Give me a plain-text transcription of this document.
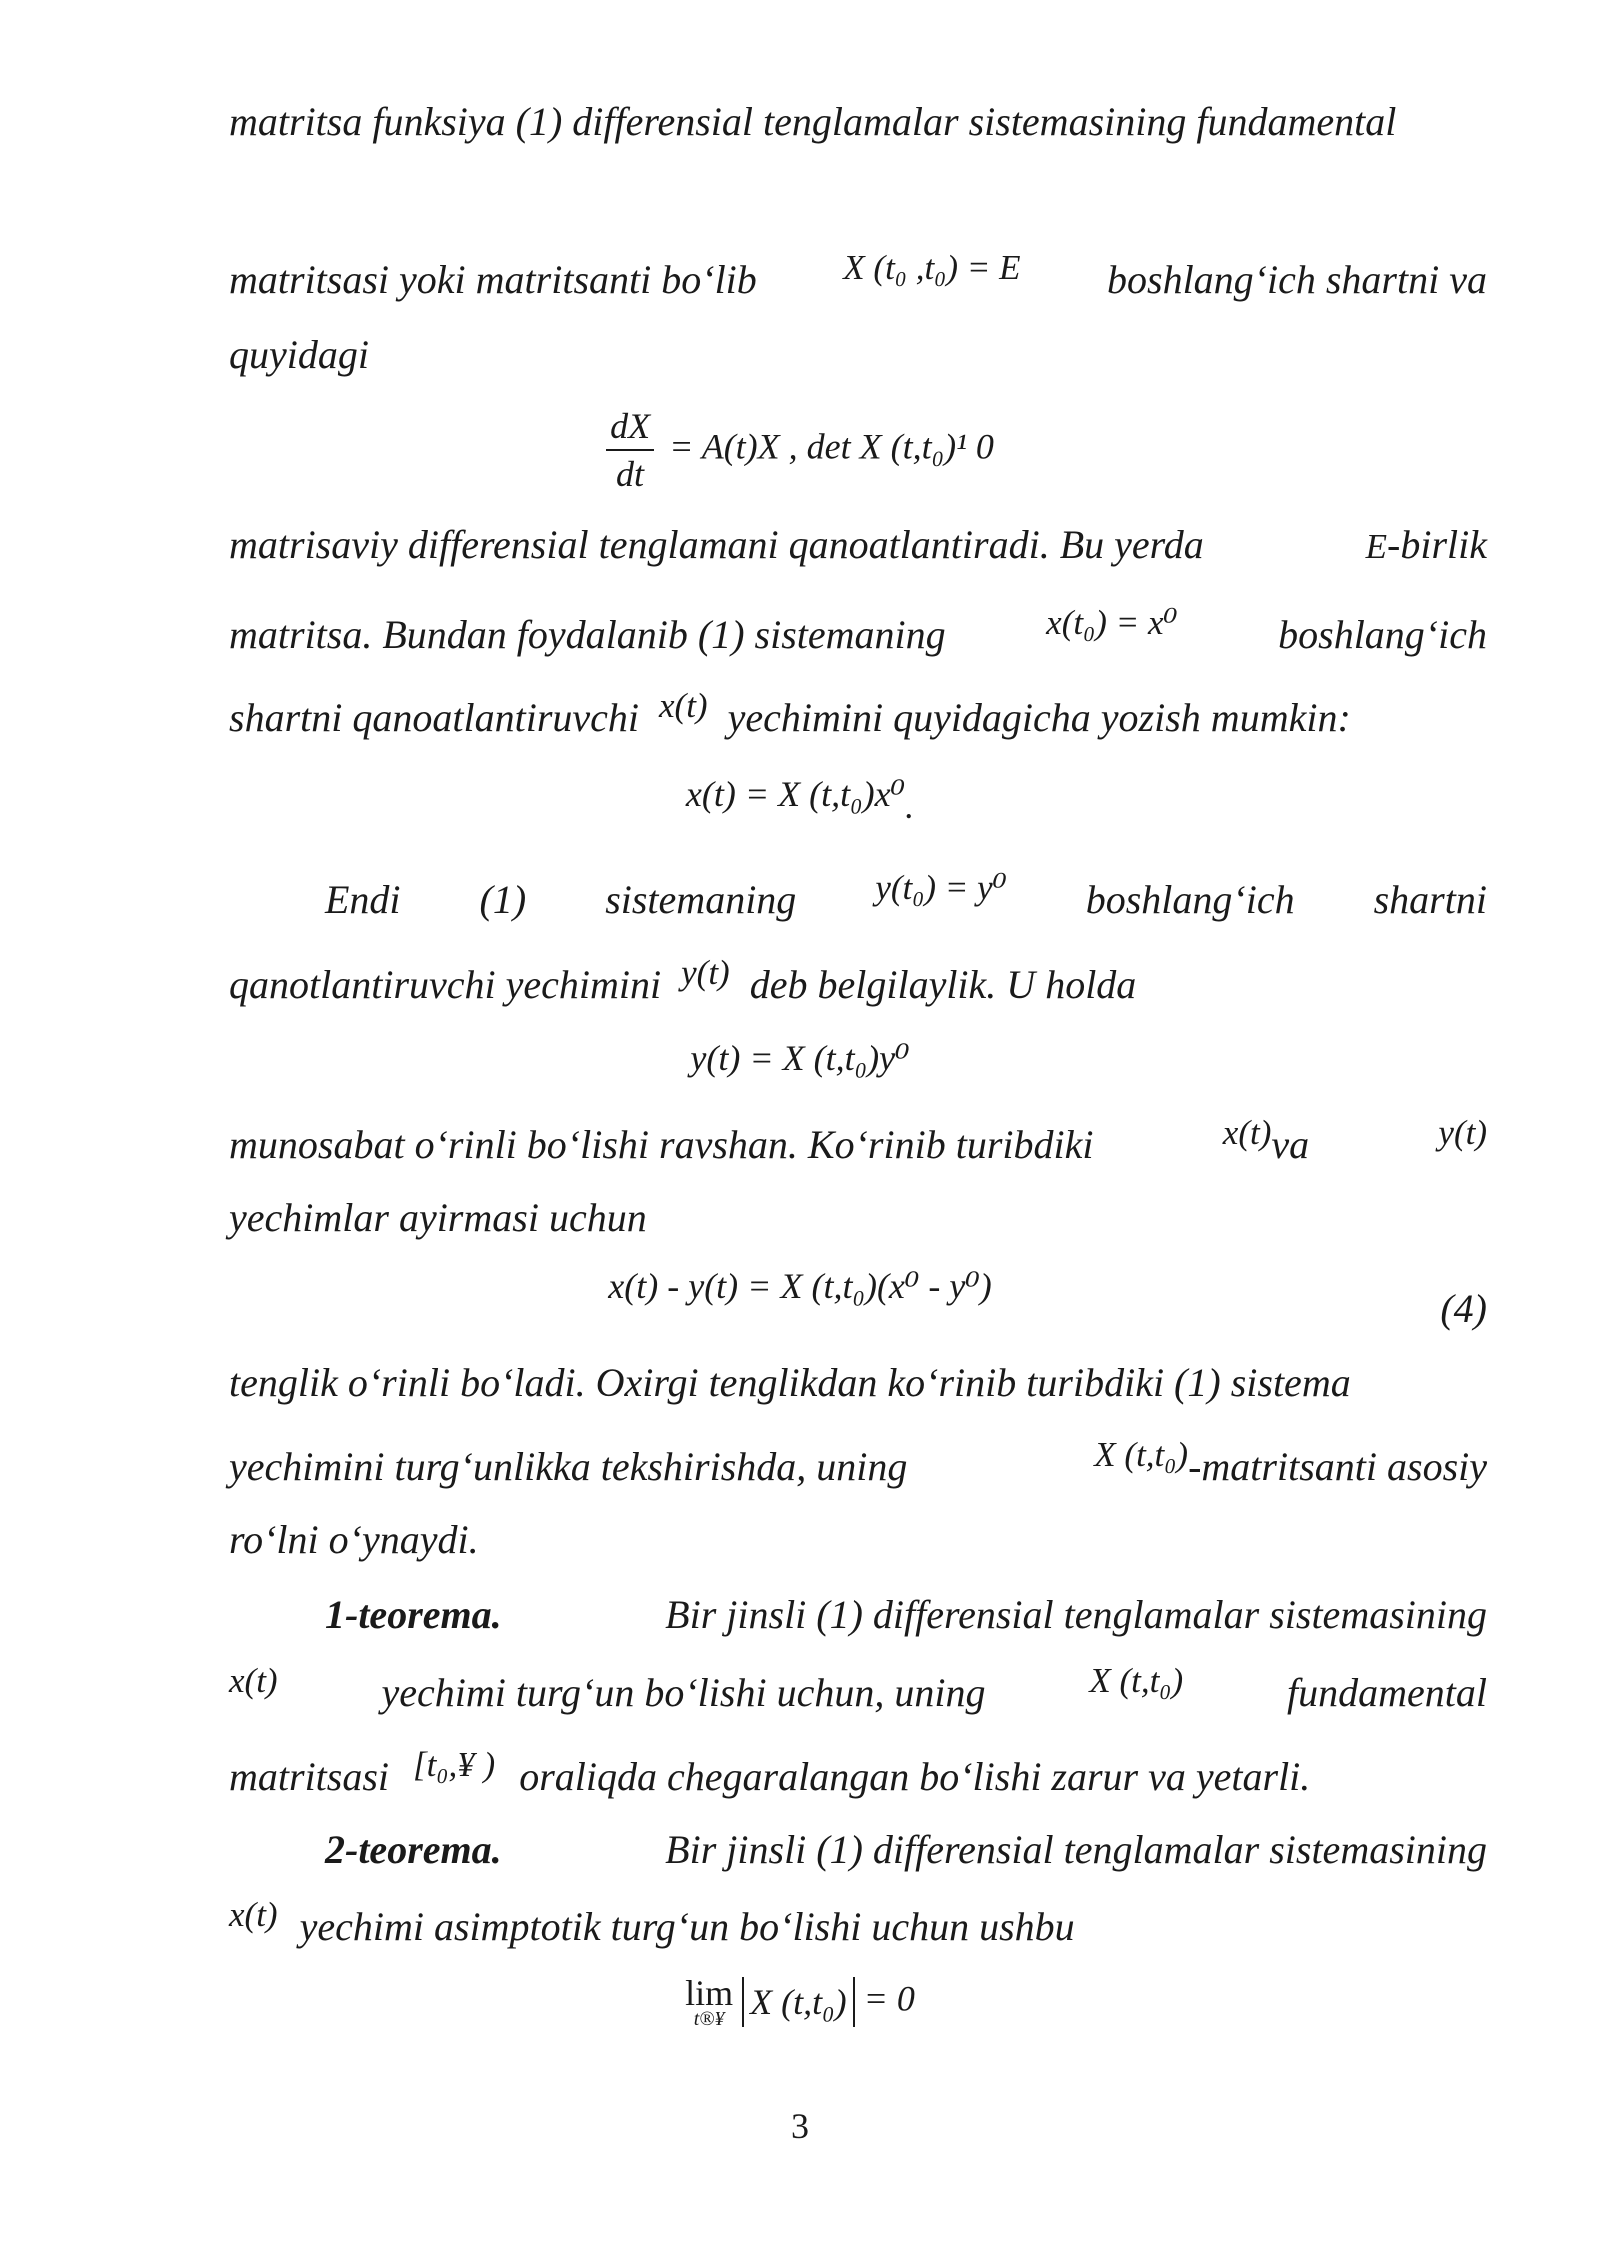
matritsa funksiya (1) differensial tenglamalar sistemasining fundamental
matritsasi yoki matritsanti bo‘lib X (t₀ ,t₀) = E boshlang‘ich shartni va
quyidagi
$\frac{dX}{dt} = A(t)X$ , det X (t,t₀)¹ 0
matrisaviy differensial tenglamani qanoatlantiradi. Bu yerda	E-birlik
matritsa. Bundan foydalanib (1) sistemaning	x(t₀) = x⁰	boshlang‘ich
shartni qanoatlantiruvchi x(t) yechimini quyidagicha yozish mumkin:
x(t) = X (t,t₀)x⁰.
Endi (1) sistemaning y(t₀) = y⁰ boshlang‘ich shartni
qanotlantiruvchi yechimini y(t) deb belgilaylik. U holda
y(t) = X (t,t₀)y⁰
munosabat o‘rinli bo‘lishi ravshan. Ko‘rinib turibdiki	x(t)va	y(t)
yechimlar ayirmasi uchun
x(t) - y(t) = X (t,t₀)(x⁰ - y⁰)	(4)
tenglik o‘rinli bo‘ladi. Oxirgi tenglikdan ko‘rinib turibdiki (1) sistema
yechimini turg‘unlikka tekshirishda, uning	X (t,t₀)-matritsanti asosiy
ro‘lni o‘ynaydi.
1-teorema.	Bir jinsli (1) differensial tenglamalar sistemasining
x(t)	yechimi turg‘un bo‘lishi uchun, uning	X (t,t₀)	fundamental
matritsasi [t₀,¥ ) oraliqda chegaralangan bo‘lishi zarur va yetarli.
2-teorema.	Bir jinsli (1) differensial tenglamalar sistemasining
x(t) yechimi asimptotik turg‘un bo‘lishi uchun ushbu
lim
t®¥ X (t,t₀) = 0
3
